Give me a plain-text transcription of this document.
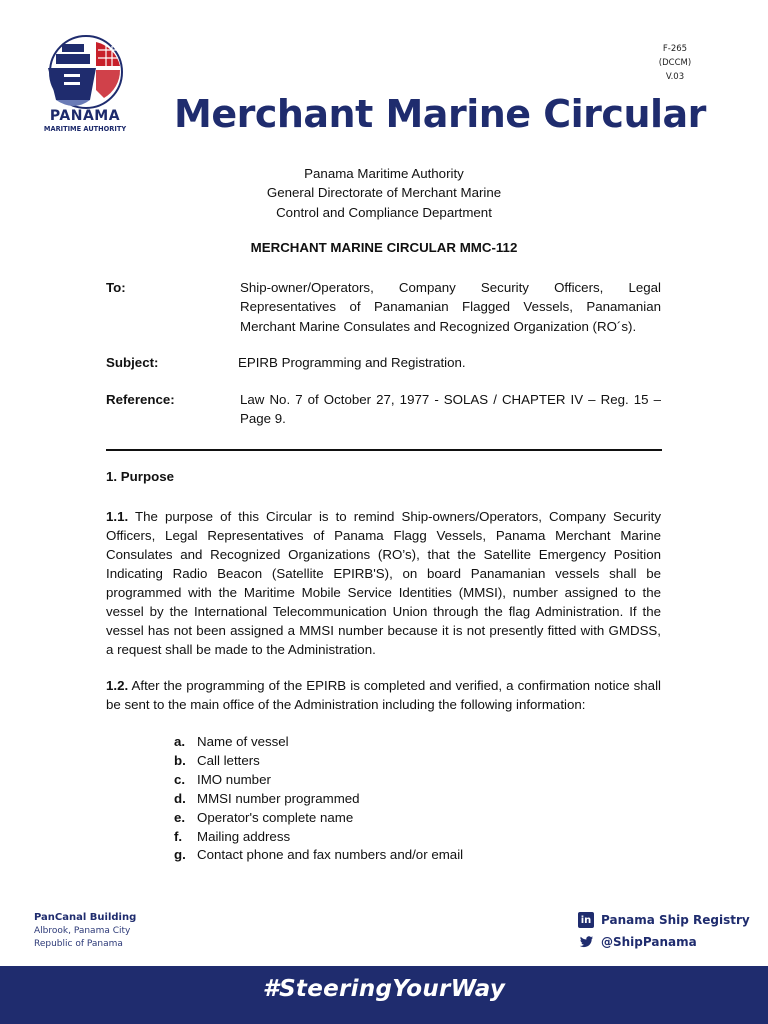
PANAMA
MARITIME AUTHORITY
F-265
(DCCM)
V.03
Merchant Marine Circular
Panama Maritime Authority
General Directorate of Merchant Marine
Control and Compliance Department
MERCHANT MARINE CIRCULAR MMC-112
To:	Ship-owner/Operators, Company Security Officers, Legal Representatives of Panamanian Flagged Vessels, Panamanian Merchant Marine Consulates and Recognized Organization (RO´s).
Subject:	EPIRB Programming and Registration.
Reference:	Law No. 7 of October 27, 1977 - SOLAS / CHAPTER IV – Reg. 15 – Page 9.
1. Purpose
1.1. The purpose of this Circular is to remind Ship-owners/Operators, Company Security Officers, Legal Representatives of Panama Flagg Vessels, Panama Merchant Marine Consulates and Recognized Organizations (RO’s), that the Satellite Emergency Position Indicating Radio Beacon (Satellite EPIRB'S), on board Panamanian vessels shall be programmed with the Maritime Mobile Service Identities (MMSI), number assigned to the vessel by the International Telecommunication Union through the flag Administration. If the vessel has not been assigned a MMSI number because it is not presently fitted with GMDSS, a request shall be made to the Administration.
1.2. After the programming of the EPIRB is completed and verified, a confirmation notice shall be sent to the main office of the Administration including the following information:
a. Name of vessel
b. Call letters
c. IMO number
d. MMSI number programmed
e. Operator's complete name
f.	Mailing address
g. Contact phone and fax numbers and/or email
PanCanal Building
Albrook, Panama City
Republic of Panama
in Panama Ship Registry
@ShipPanama
#SteeringYourWay
